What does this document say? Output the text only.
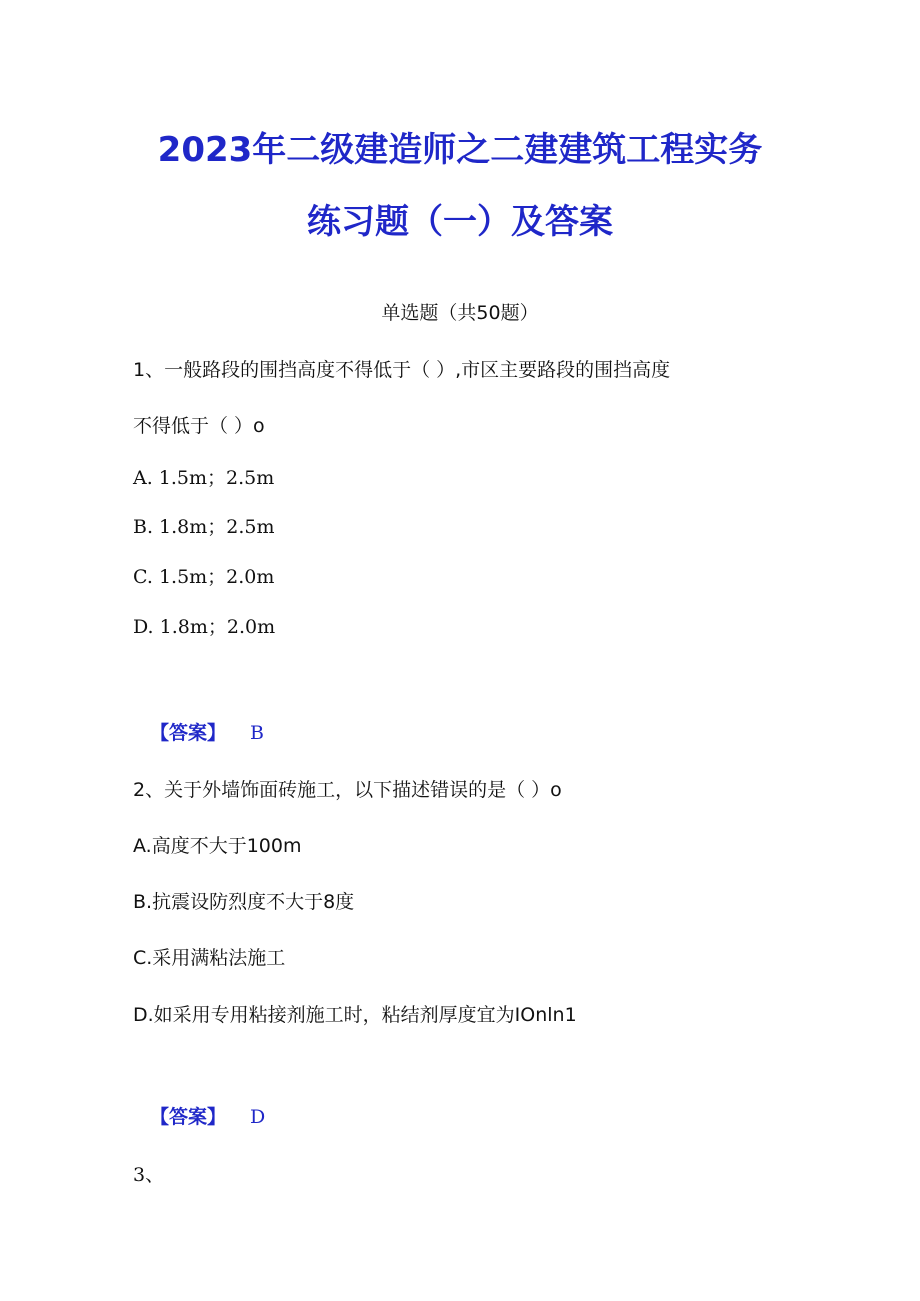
2023年二级建造师之二建建筑工程实务
练习题（一）及答案
单选题（共50题）
1、一般路段的围挡高度不得低于（ ）,市区主要路段的围挡高度
不得低于（ ）o
A. 1.5m；2.5m
B. 1.8m；2.5m
C. 1.5m；2.0m
D. 1.8m；2.0m
【答案】 B
2、关于外墙饰面砖施工，以下描述错误的是（ ）o
A.高度不大于100m
B.抗震设防烈度不大于8度
C.采用满粘法施工
D.如采用专用粘接剂施工时，粘结剂厚度宜为IOnln1
【答案】 D
3、
